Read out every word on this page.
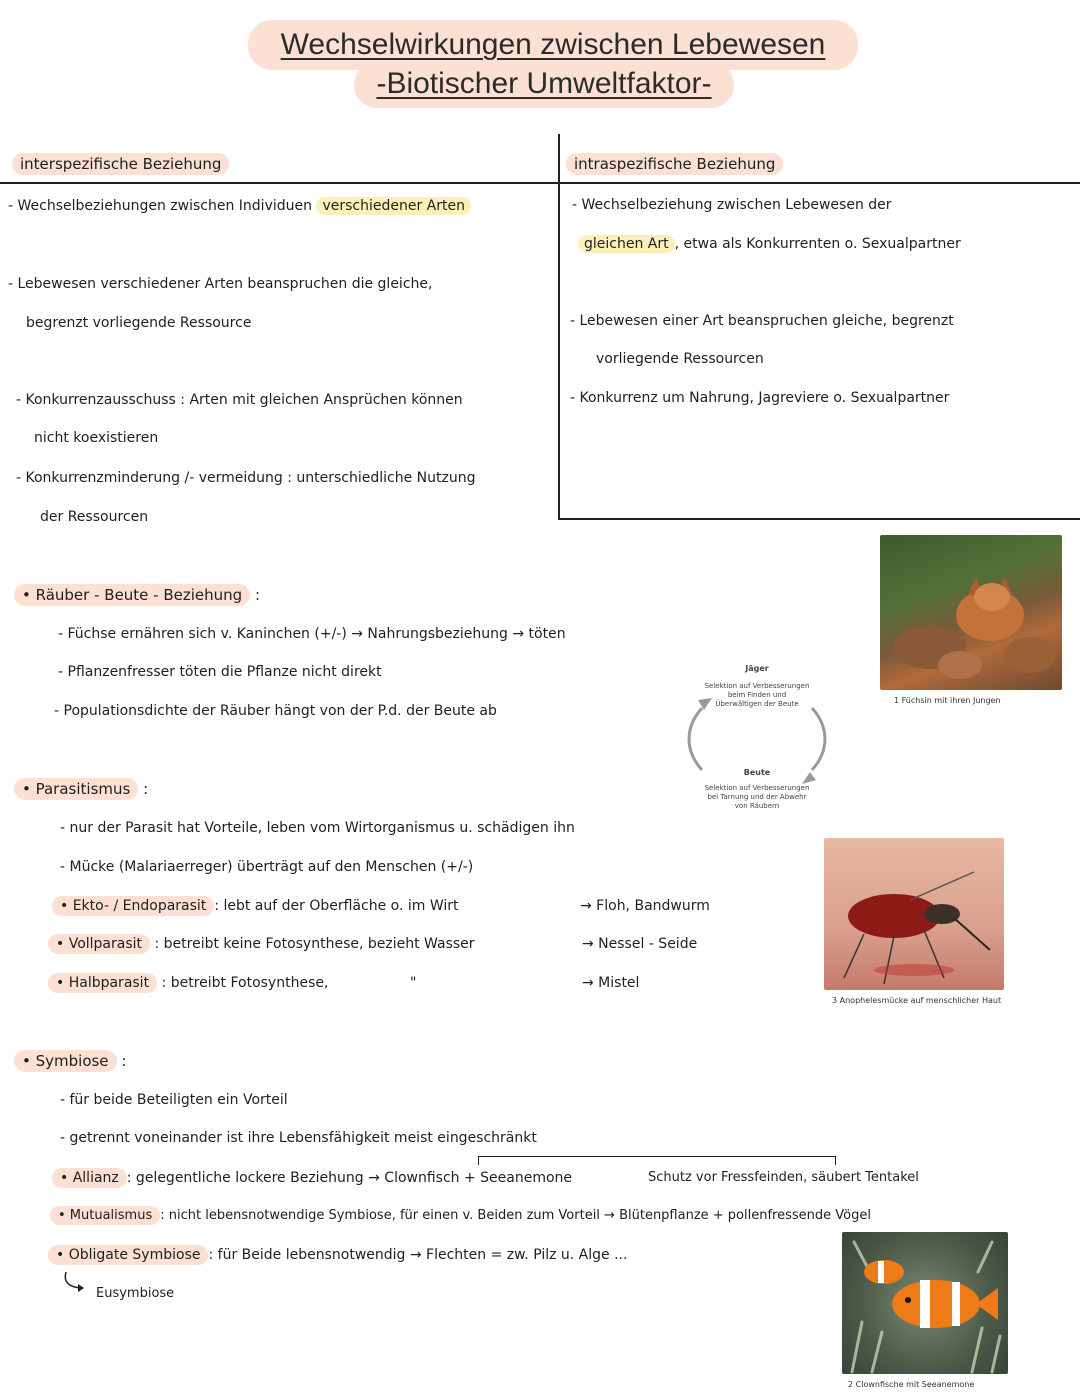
Wechselwirkungen zwischen Lebewesen
-Biotischer Umweltfaktor-
interspezifische Beziehung
- Wechselbeziehungen zwischen Individuen verschiedener Arten
- Lebewesen verschiedener Arten beanspruchen die gleiche,
begrenzt vorliegende Ressource
- Konkurrenzausschuss : Arten mit gleichen Ansprüchen können
nicht koexistieren
- Konkurrenzminderung /- vermeidung : unterschiedliche Nutzung
der Ressourcen
intraspezifische Beziehung
- Wechselbeziehung zwischen Lebewesen der
gleichen Art , etwa als Konkurrenten o. Sexualpartner
- Lebewesen einer Art beanspruchen gleiche, begrenzt
vorliegende Ressourcen
- Konkurrenz um Nahrung, Jagreviere o. Sexualpartner
• Räuber - Beute - Beziehung :
- Füchse ernähren sich v. Kaninchen (+/-) → Nahrungsbeziehung → töten
- Pflanzenfresser töten die Pflanze nicht direkt
- Populationsdichte der Räuber hängt von der P.d. der Beute ab
Jäger
Selektion auf Verbesserungen beim Finden und Überwältigen der Beute
Beute
Selektion auf Verbesserungen bei Tarnung und der Abwehr von Räubern
1 Füchsin mit ihren Jungen
• Parasitismus :
- nur der Parasit hat Vorteile, leben vom Wirtorganismus u. schädigen ihn
- Mücke (Malariaerreger) überträgt auf den Menschen (+/-)
• Ekto- / Endoparasit : lebt auf der Oberfläche o. im Wirt	→ Floh, Bandwurm
• Vollparasit : betreibt keine Fotosynthese, bezieht Wasser	→ Nessel - Seide
• Halbparasit : betreibt Fotosynthese,	"	→ Mistel
3 Anophelesmücke auf menschlicher Haut
• Symbiose :
- für beide Beteiligten ein Vorteil
- getrennt voneinander ist ihre Lebensfähigkeit meist eingeschränkt
• Allianz : gelegentliche lockere Beziehung → Clownfisch + Seeanemone	Schutz vor Fressfeinden, säubert Tentakel
• Mutualismus : nicht lebensnotwendige Symbiose, für einen v. Beiden zum Vorteil → Blütenpflanze + pollenfressende Vögel
• Obligate Symbiose : für Beide lebensnotwendig → Flechten = zw. Pilz u. Alge ...
Eusymbiose
2 Clownfische mit Seeanemone
